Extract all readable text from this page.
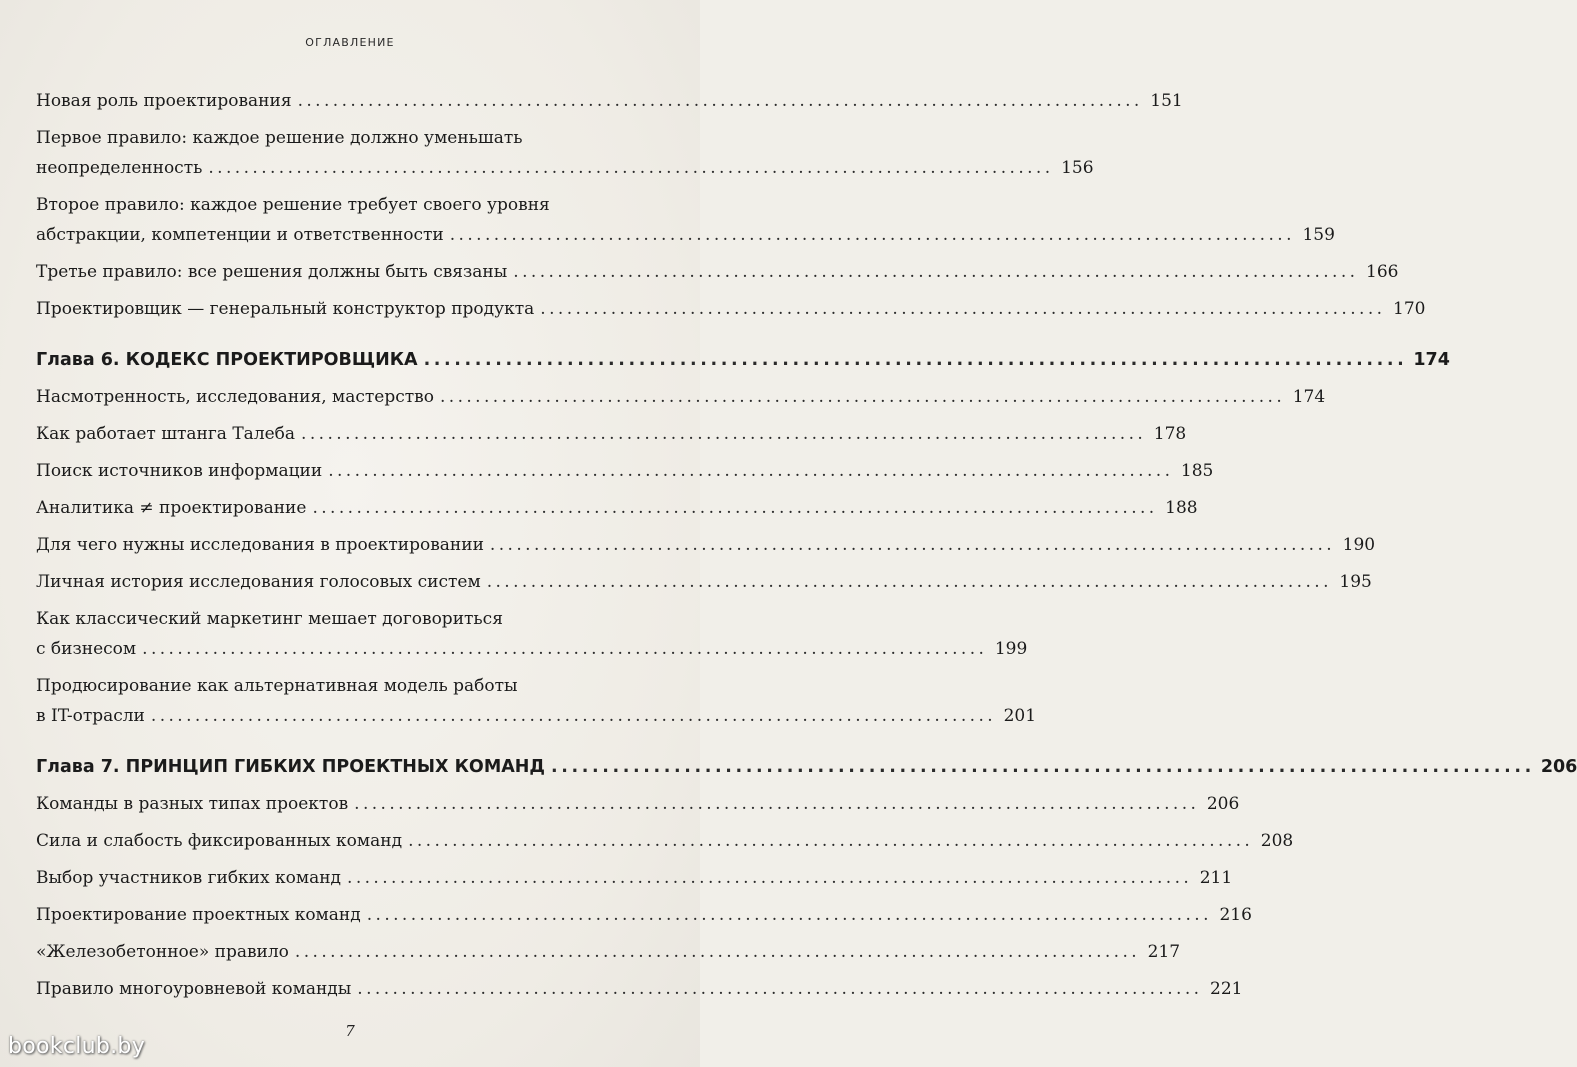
ОГЛАВЛЕНИЕ
Новая роль проектирования ................................................................................................ 151
Первое правило: каждое решение должно уменьшать
неопределенность ................................................................................................ 156
Второе правило: каждое решение требует своего уровня
абстракции, компетенции и ответственности ................................................................................................ 159
Третье правило: все решения должны быть связаны ................................................................................................ 166
Проектировщик — генеральный конструктор продукта ................................................................................................ 170
Глава 6. КОДЕКС ПРОЕКТИРОВЩИКА ................................................................................................ 174
Насмотренность, исследования, мастерство ................................................................................................ 174
Как работает штанга Талеба ................................................................................................ 178
Поиск источников информации ................................................................................................ 185
Аналитика ≠ проектирование ................................................................................................ 188
Для чего нужны исследования в проектировании ................................................................................................ 190
Личная история исследования голосовых систем ................................................................................................ 195
Как классический маркетинг мешает договориться
с бизнесом ................................................................................................ 199
Продюсирование как альтернативная модель работы
в IT-отрасли ................................................................................................ 201
Глава 7. ПРИНЦИП ГИБКИХ ПРОЕКТНЫХ КОМАНД ................................................................................................ 206
Команды в разных типах проектов ................................................................................................ 206
Сила и слабость фиксированных команд ................................................................................................ 208
Выбор участников гибких команд ................................................................................................ 211
Проектирование проектных команд ................................................................................................ 216
«Железобетонное» правило ................................................................................................ 217
Правило многоуровневой команды ................................................................................................ 221
7
bookclub.by
